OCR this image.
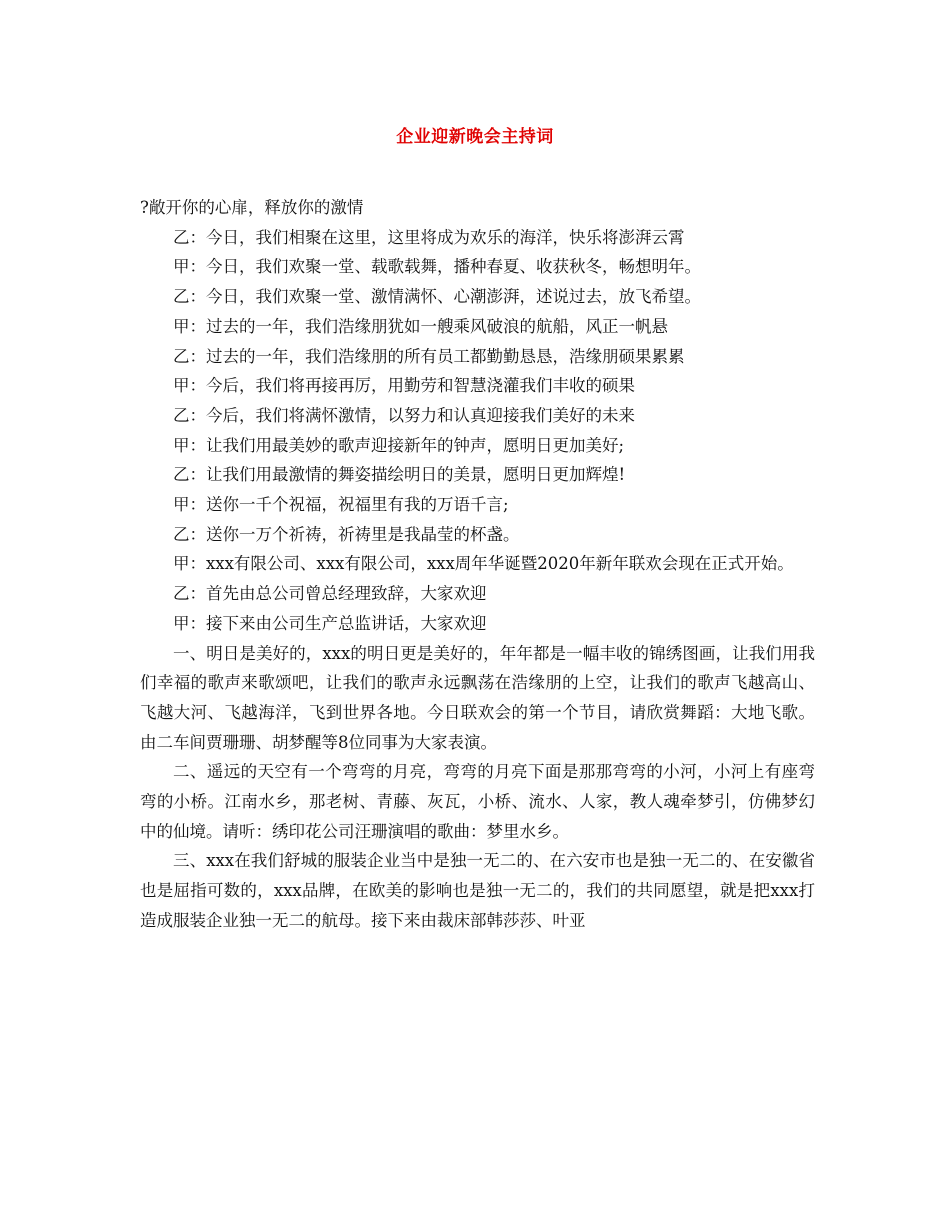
企业迎新晚会主持词

?敞开你的心扉，释放你的激情

乙：今日，我们相聚在这里，这里将成为欢乐的海洋，快乐将澎湃云霄

甲：今日，我们欢聚一堂、载歌载舞，播种春夏、收获秋冬，畅想明年。

乙：今日，我们欢聚一堂、激情满怀、心潮澎湃，述说过去，放飞希望。

甲：过去的一年，我们浩缘朋犹如一艘乘风破浪的航船，风正一帆悬

乙：过去的一年，我们浩缘朋的所有员工都勤勤恳恳，浩缘朋硕果累累

甲：今后，我们将再接再厉，用勤劳和智慧浇灌我们丰收的硕果

乙：今后，我们将满怀激情，以努力和认真迎接我们美好的未来

甲：让我们用最美妙的歌声迎接新年的钟声，愿明日更加美好;

乙：让我们用最激情的舞姿描绘明日的美景，愿明日更加辉煌!

甲：送你一千个祝福，祝福里有我的万语千言;

乙：送你一万个祈祷，祈祷里是我晶莹的杯盏。

甲：xxx有限公司、xxx有限公司，xxx周年华诞暨2020年新年联欢会现在正式开始。

乙：首先由总公司曾总经理致辞，大家欢迎

甲：接下来由公司生产总监讲话，大家欢迎

一、明日是美好的，xxx的明日更是美好的，年年都是一幅丰收的锦绣图画，让我们用我们幸福的歌声来歌颂吧，让我们的歌声永远飘荡在浩缘朋的上空，让我们的歌声飞越高山、飞越大河、飞越海洋，飞到世界各地。今日联欢会的第一个节目，请欣赏舞蹈：大地飞歌。由二车间贾珊珊、胡梦醒等8位同事为大家表演。

二、遥远的天空有一个弯弯的月亮，弯弯的月亮下面是那那弯弯的小河，小河上有座弯弯的小桥。江南水乡，那老树、青藤、灰瓦，小桥、流水、人家，教人魂牵梦引，仿佛梦幻中的仙境。请听：绣印花公司汪珊演唱的歌曲：梦里水乡。

三、xxx在我们舒城的服装企业当中是独一无二的、在六安市也是独一无二的、在安徽省也是屈指可数的，xxx品牌，在欧美的影响也是独一无二的，我们的共同愿望，就是把xxx打造成服装企业独一无二的航母。接下来由裁床部韩莎莎、叶亚
